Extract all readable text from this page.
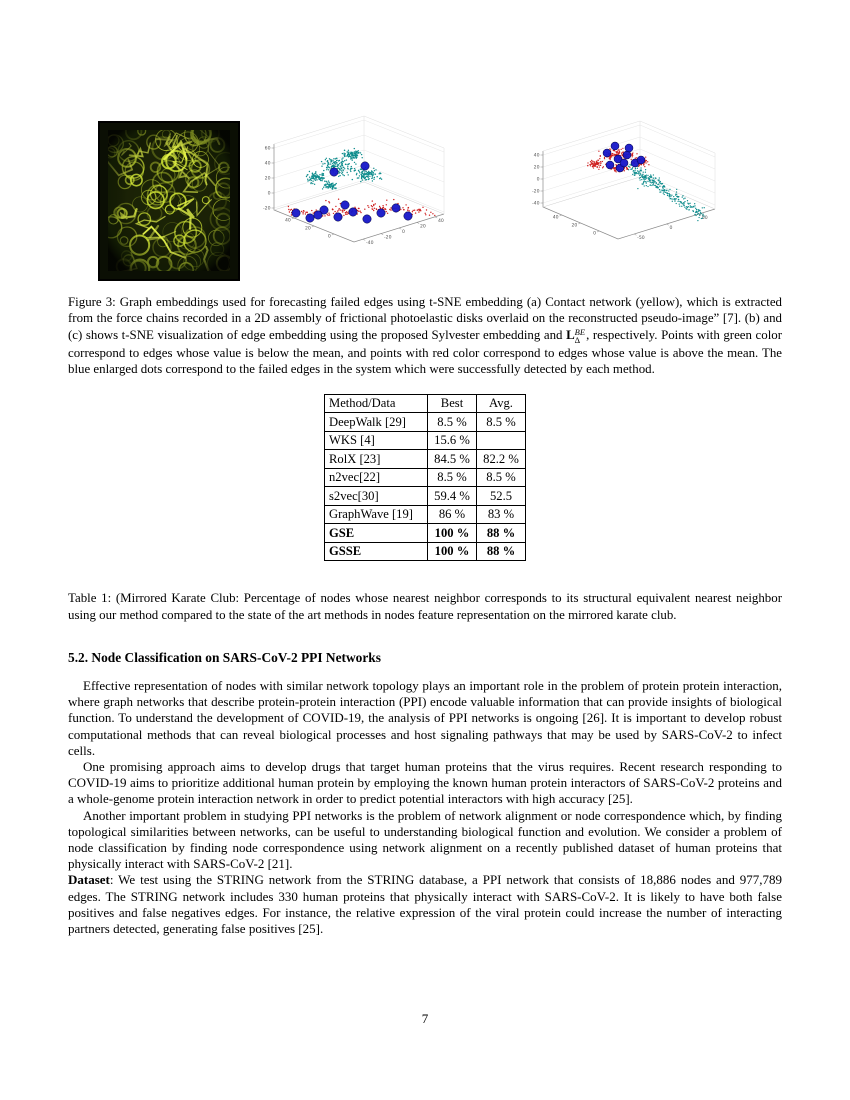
60
40
20
0
-20
40
20
0
-40
-20
0
20
40
40
20
0
-20
-40
40
20
0
-50
0
50

Figure 3: Graph embeddings used for forecasting failed edges using t-SNE embedding (a) Contact network (yellow), which is extracted from the force chains recorded in a 2D assembly of frictional photoelastic disks overlaid on the reconstructed pseudo-image” [7]. (b) and (c) shows t-SNE visualization of edge embedding using the proposed Sylvester embedding and L BE
Δ , respectively. Points with green color correspond to edges whose value is below the mean, and points with red color correspond to edges whose value is above the mean. The blue enlarged dots correspond to the failed edges in the system which were successfully detected by each method.

Method/Data	Best	Avg.
DeepWalk [29]	8.5 %	8.5 %
WKS [4]	15.6 %	
RolX [23]	84.5 %	82.2 %
n2vec[22]	8.5 %	8.5 %
s2vec[30]	59.4 %	52.5
GraphWave [19]	86 %	83 %
GSE	100 %	88 %
GSSE	100 %	88 %

Table 1: (Mirrored Karate Club: Percentage of nodes whose nearest neighbor corresponds to its structural equivalent nearest neighbor using our method compared to the state of the art methods in nodes feature representation on the mirrored karate club.

5.2. Node Classification on SARS-CoV-2 PPI Networks

Effective representation of nodes with similar network topology plays an important role in the problem of protein protein interaction, where graph networks that describe protein-protein interaction (PPI) encode valuable information that can provide insights of biological function. To understand the development of COVID-19, the analysis of PPI networks is ongoing [26]. It is important to develop robust computational methods that can reveal biological processes and host signaling pathways that may be used by SARS-CoV-2 to infect cells.

One promising approach aims to develop drugs that target human proteins that the virus requires. Recent research responding to COVID-19 aims to prioritize additional human protein by employing the known human protein interactors of SARS-CoV-2 proteins and a whole-genome protein interaction network in order to predict potential interactors with high accuracy [25].

Another important problem in studying PPI networks is the problem of network alignment or node correspondence which, by finding topological similarities between networks, can be useful to understanding biological function and evolution. We consider a problem of node classification by finding node correspondence using network alignment on a recently published dataset of human proteins that physically interact with SARS-CoV-2 [21].

Dataset: We test using the STRING network from the STRING database, a PPI network that consists of 18,886 nodes and 977,789 edges. The STRING network includes 330 human proteins that physically interact with SARS-CoV-2. It is likely to have both false positives and false negatives edges. For instance, the relative expression of the viral protein could increase the number of interacting partners detected, generating false positives [25].

7
